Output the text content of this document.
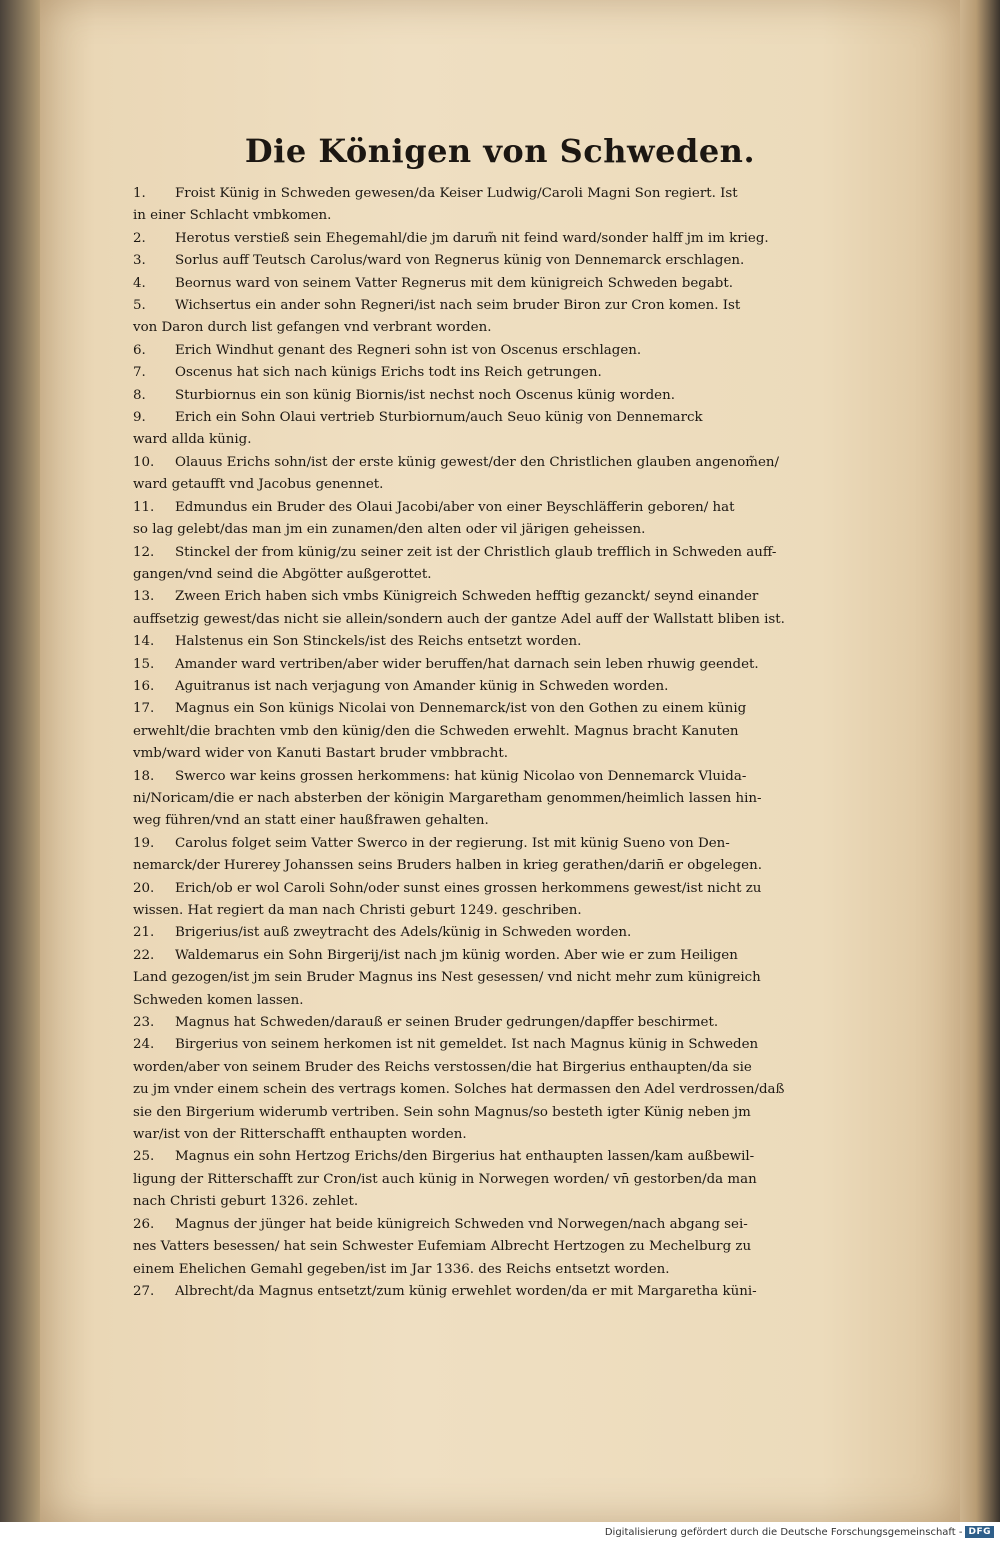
Die Königen von Schweden.
1. Froist Künig in Schweden gewesen/da Keiser Ludwig/Caroli Magni Son regiert. Ist
in einer Schlacht vmbkomen.
2. Herotus verstieß sein Ehegemahl/die jm darum̃ nit feind ward/sonder halff jm im krieg.
3. Sorlus auff Teutsch Carolus/ward von Regnerus künig von Dennemarck erschlagen.
4. Beornus ward von seinem Vatter Regnerus mit dem künigreich Schweden begabt.
5. Wichsertus ein ander sohn Regneri/ist nach seim bruder Biron zur Cron komen. Ist
von Daron durch list gefangen vnd verbrant worden.
6. Erich Windhut genant des Regneri sohn ist von Oscenus erschlagen.
7. Oscenus hat sich nach künigs Erichs todt ins Reich getrungen.
8. Sturbiornus ein son künig Biornis/ist nechst noch Oscenus künig worden.
9. Erich ein Sohn Olaui vertrieb Sturbiornum/auch Seuo künig von Dennemarck
ward allda künig.
10. Olauus Erichs sohn/ist der erste künig gewest/der den Christlichen glauben angenom̃en/
ward getaufft vnd Jacobus genennet.
11. Edmundus ein Bruder des Olaui Jacobi/aber von einer Beyschläfferin geboren/ hat
so lag gelebt/das man jm ein zunamen/den alten oder vil järigen geheissen.
12. Stinckel der from künig/zu seiner zeit ist der Christlich glaub trefflich in Schweden auff-
gangen/vnd seind die Abgötter außgerottet.
13. Zween Erich haben sich vmbs Künigreich Schweden hefftig gezanckt/ seynd einander
auffsetzig gewest/das nicht sie allein/sondern auch der gantze Adel auff der Wallstatt bliben ist.
14. Halstenus ein Son Stinckels/ist des Reichs entsetzt worden.
15. Amander ward vertriben/aber wider beruffen/hat darnach sein leben rhuwig geendet.
16. Aguitranus ist nach verjagung von Amander künig in Schweden worden.
17. Magnus ein Son künigs Nicolai von Dennemarck/ist von den Gothen zu einem künig
erwehlt/die brachten vmb den künig/den die Schweden erwehlt. Magnus bracht Kanuten
vmb/ward wider von Kanuti Bastart bruder vmbbracht.
18. Swerco war keins grossen herkommens: hat künig Nicolao von Dennemarck Vluida-
ni/Noricam/die er nach absterben der königin Margaretham genommen/heimlich lassen hin-
weg führen/vnd an statt einer haußfrawen gehalten.
19. Carolus folget seim Vatter Swerco in der regierung. Ist mit künig Sueno von Den-
nemarck/der Hurerey Johanssen seins Bruders halben in krieg gerathen/darin̄ er obgelegen.
20. Erich/ob er wol Caroli Sohn/oder sunst eines grossen herkommens gewest/ist nicht zu
wissen. Hat regiert da man nach Christi geburt 1249. geschriben.
21. Brigerius/ist auß zweytracht des Adels/künig in Schweden worden.
22. Waldemarus ein Sohn Birgerij/ist nach jm künig worden. Aber wie er zum Heiligen
Land gezogen/ist jm sein Bruder Magnus ins Nest gesessen/ vnd nicht mehr zum künigreich
Schweden komen lassen.
23. Magnus hat Schweden/darauß er seinen Bruder gedrungen/dapffer beschirmet.
24. Birgerius von seinem herkomen ist nit gemeldet. Ist nach Magnus künig in Schweden
worden/aber von seinem Bruder des Reichs verstossen/die hat Birgerius enthaupten/da sie
zu jm vnder einem schein des vertrags komen. Solches hat dermassen den Adel verdrossen/daß
sie den Birgerium widerumb vertriben. Sein sohn Magnus/so besteth igter Künig neben jm
war/ist von der Ritterschafft enthaupten worden.
25. Magnus ein sohn Hertzog Erichs/den Birgerius hat enthaupten lassen/kam außbewil-
ligung der Ritterschafft zur Cron/ist auch künig in Norwegen worden/ vn̄ gestorben/da man
nach Christi geburt 1326. zehlet.
26. Magnus der jünger hat beide künigreich Schweden vnd Norwegen/nach abgang sei-
nes Vatters besessen/ hat sein Schwester Eufemiam Albrecht Hertzogen zu Mechelburg zu
einem Ehelichen Gemahl gegeben/ist im Jar 1336. des Reichs entsetzt worden.
27. Albrecht/da Magnus entsetzt/zum künig erwehlet worden/da er mit Margaretha küni-
Digitalisierung gefördert durch die Deutsche Forschungsgemeinschaft - DFG
